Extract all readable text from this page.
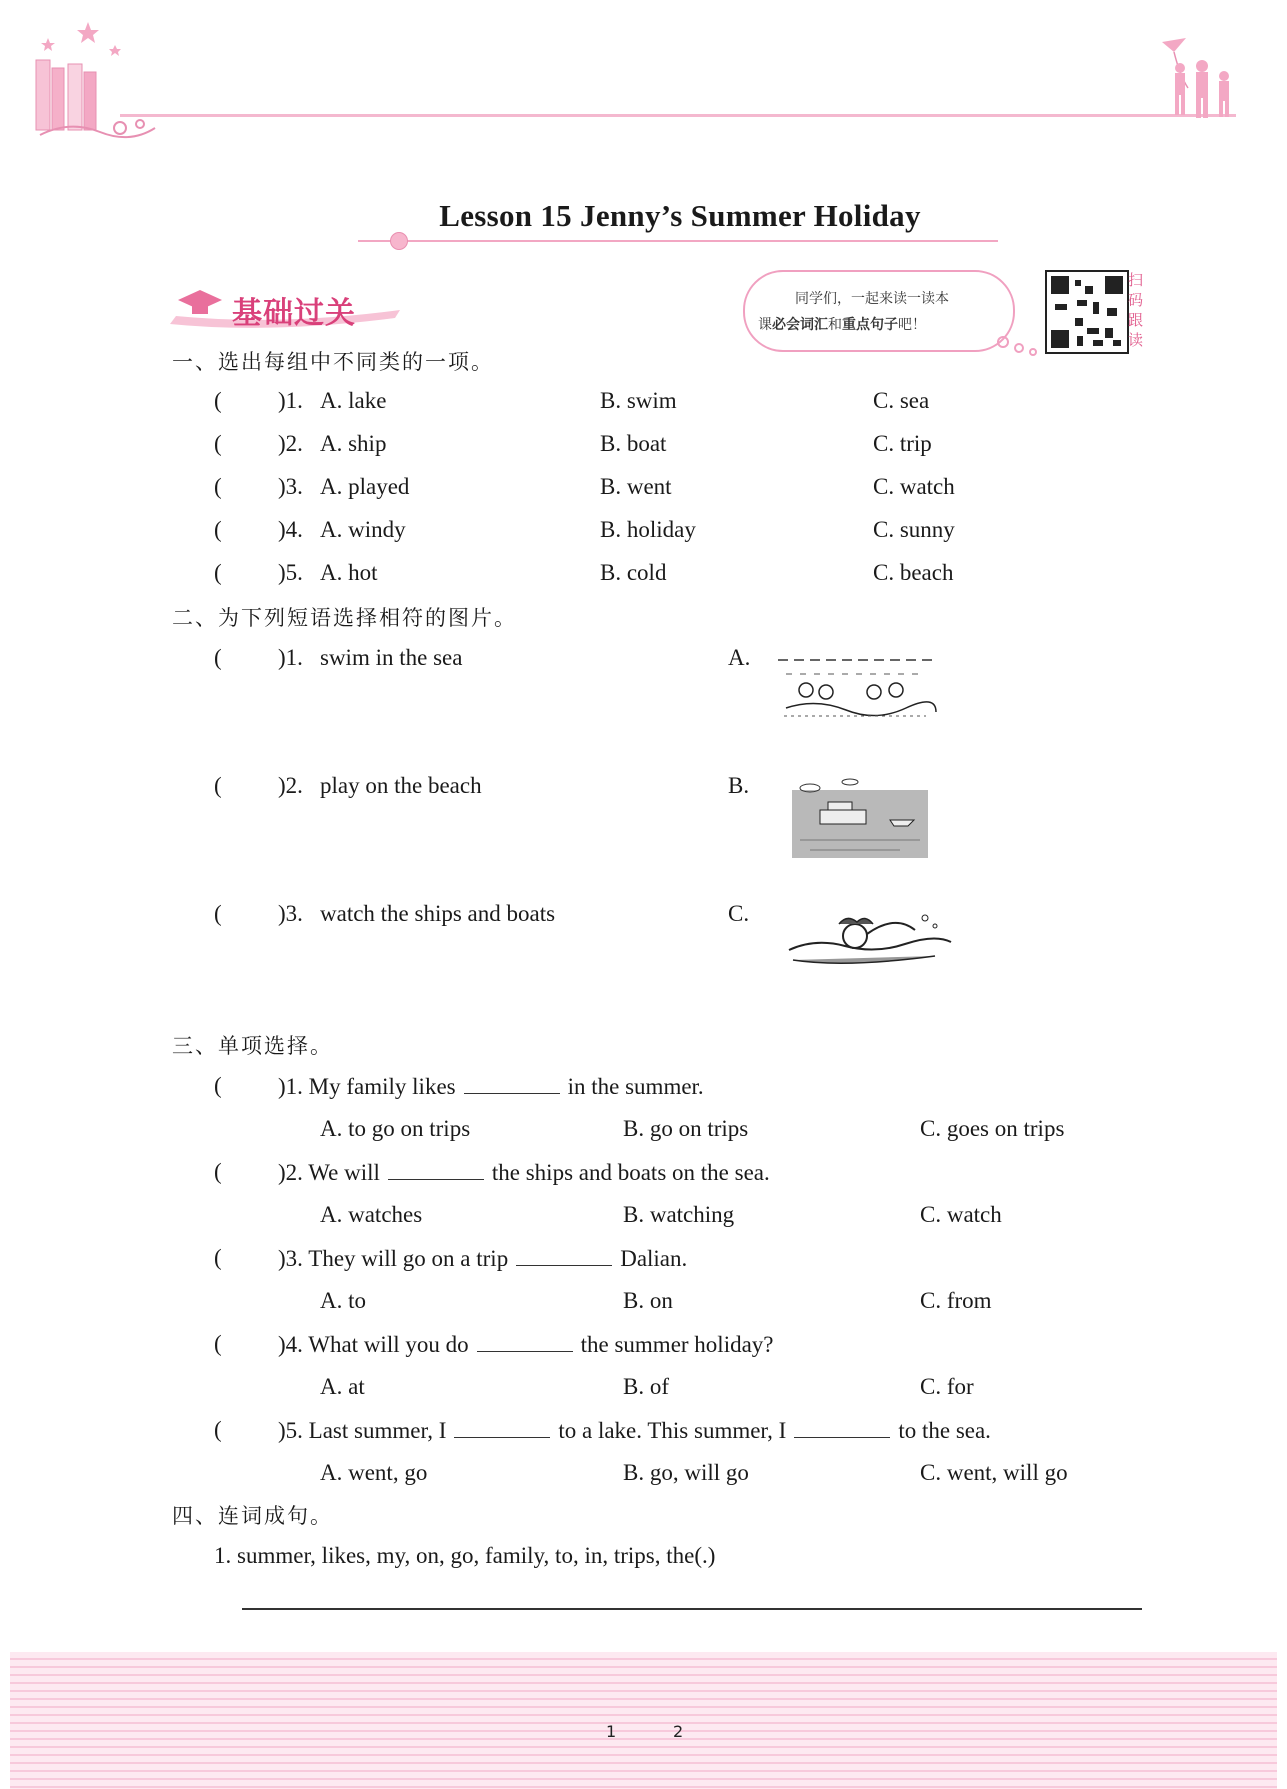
Lesson 15 Jenny’s Summer Holiday
基础过关	同学们，一起来读一读本
课必会词汇和重点句子吧！
扫
码
跟
读
一、选出每组中不同类的一项。
( )1. A. lake	B. swim	C. sea
( )2. A. ship	B. boat	C. trip
( )3. A. played	B. went	C. watch
( )4. A. windy	B. holiday	C. sunny
( )5. A. hot	B. cold	C. beach
二、为下列短语选择相符的图片。
( )1. swim in the sea	A.
( )2. play on the beach	B.
( )3. watch the ships and boats	C.
三、单项选择。
( )1. My family likes	in the summer.
A. to go on trips	B. go on trips	C. goes on trips
( )2. We will	the ships and boats on the sea.
A. watches	B. watching	C. watch
( )3. They will go on a trip	Dalian.
A. to	B. on	C. from
( )4. What will you do	the summer holiday?
A. at	B. of	C. for
( )5. Last summer, I	to a lake. This summer, I	to the sea.
A. went, go	B. go, will go	C. went, will go
四、连词成句。
1. summer, likes, my, on, go, family, to, in, trips, the(.)
1	2
